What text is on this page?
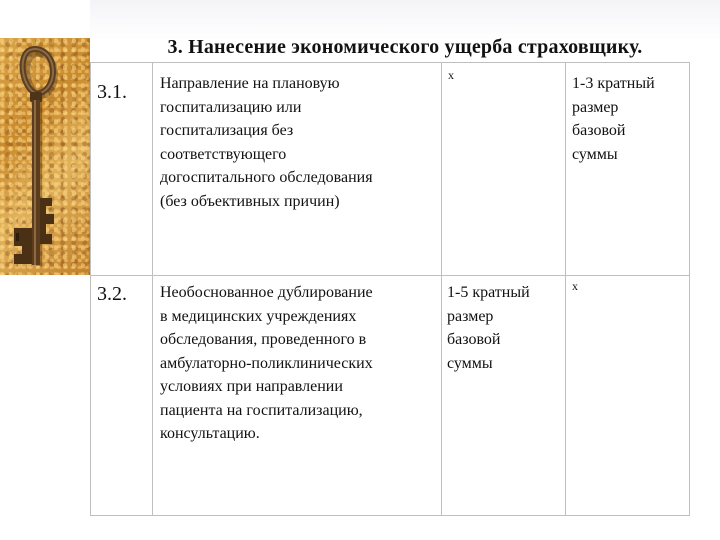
3. Нанесение экономического ущерба страховщику.
3.1. Направление на плановую
госпитализацию или
госпитализация без
соответствующего
догоспитального обследования
(без объективных причин)
х	1-3 кратный
размер
базовой
суммы
3.2. Необоснованное дублирование
в медицинских учреждениях
обследования, проведенного в
амбулаторно-поликлинических
условиях при направлении
пациента на госпитализацию,
консультацию.
1-5 кратный
размер
базовой
суммы
х
